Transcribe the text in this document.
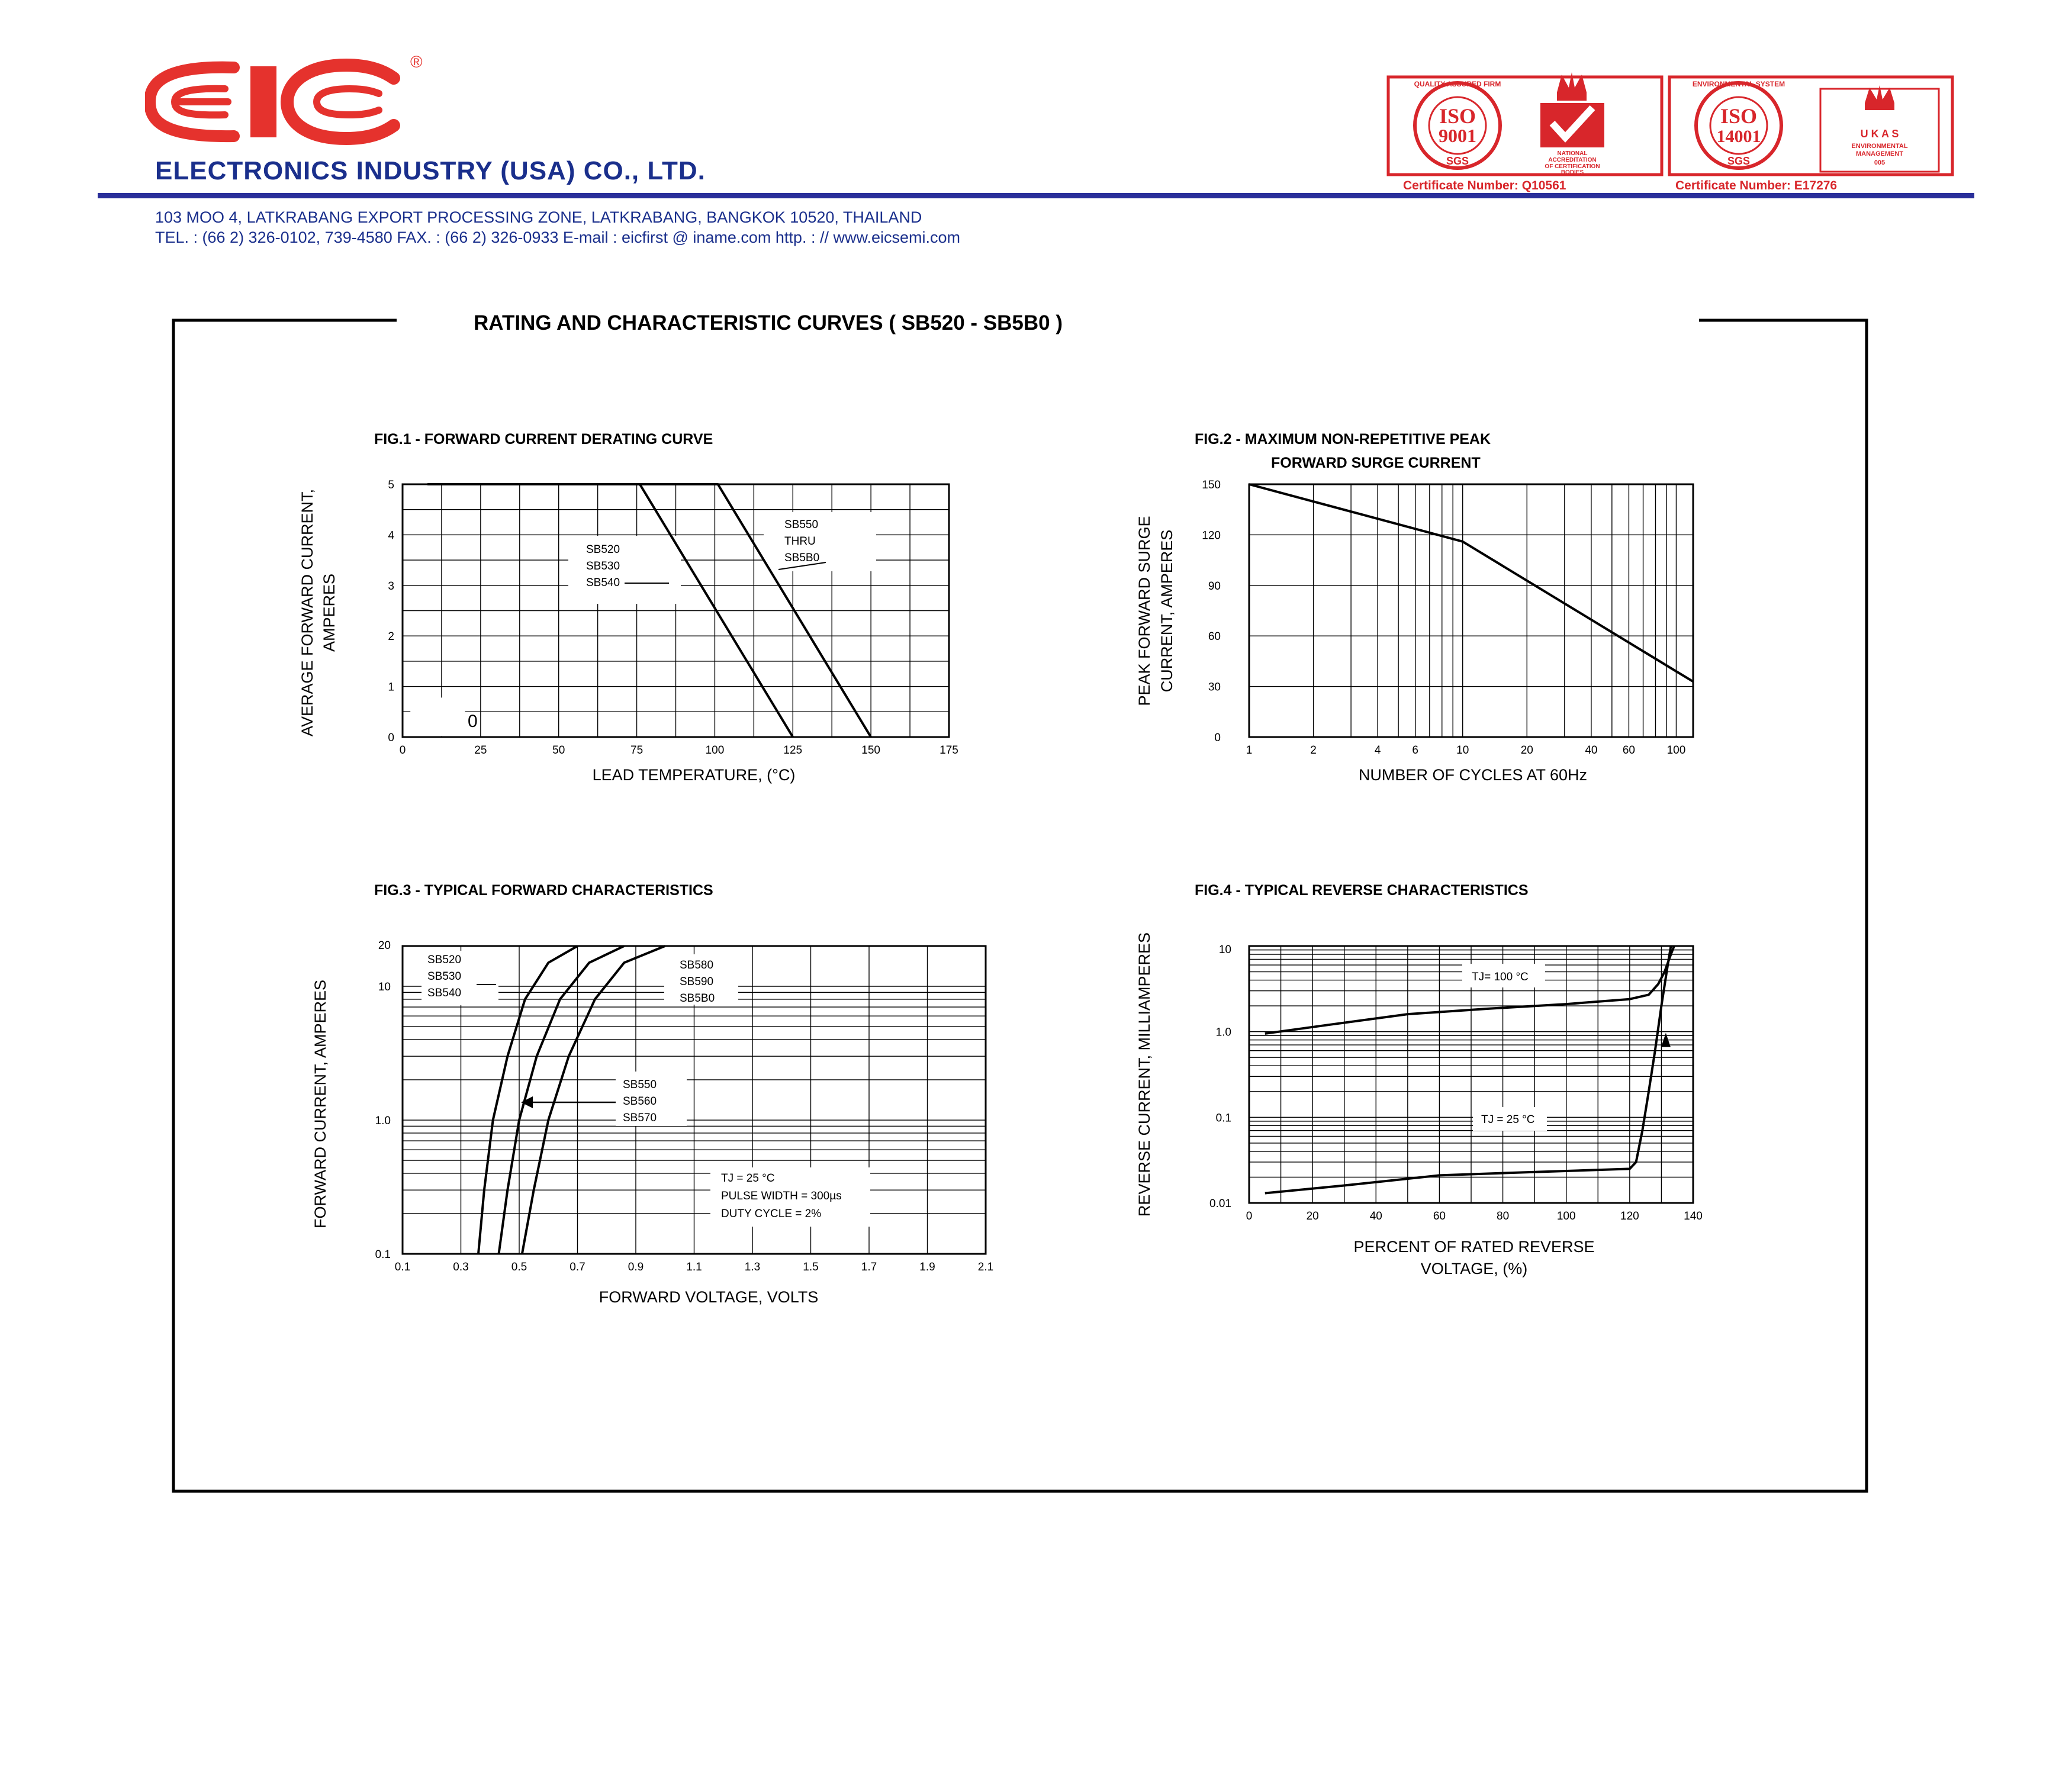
®
ELECTRONICS INDUSTRY (USA) CO., LTD.
103 MOO 4, LATKRABANG EXPORT PROCESSING ZONE, LATKRABANG, BANGKOK 10520, THAILAND
TEL. : (66 2) 326-0102, 739-4580 FAX. : (66 2) 326-0933 E-mail : eicfirst @ iname.com http. : // www.eicsemi.com
QUALITY ASSURED FIRM
ISO
9001
SGS
NATIONAL
ACCREDITATION
OF CERTIFICATION
BODIES
Certificate Number: Q10561
ENVIRONMENTAL SYSTEM
ISO
14001
SGS
U K A S
ENVIRONMENTAL
MANAGEMENT
005
Certificate Number: E17276
RATING AND CHARACTERISTIC CURVES ( SB520 - SB5B0 )
FIG.1 - FORWARD CURRENT DERATING CURVE	FIG.2 - MAXIMUM NON-REPETITIVE PEAK
FORWARD SURGE CURRENT
FIG.3 - TYPICAL FORWARD CHARACTERISTICS	FIG.4 - TYPICAL REVERSE CHARACTERISTICS
SB520
SB530
SB540
SB550
THRU
SB5B0
0
0	25	50	75	100	125	150	175
0
1
2
3
4
5
LEAD TEMPERATURE, (°C)
AVERAGE FORWARD CURRENT, AMPERES
1	2	4	6	10	20	40 60	100
0
30
60
90
120
150
NUMBER OF CYCLES AT 60Hz
PEAK FORWARD SURGE CURRENT, AMPERES
SB520
SB530
SB540
SB580
SB590
SB5B0
SB550
SB560
SB570
TJ = 25 °C
PULSE WIDTH = 300µs
DUTY CYCLE = 2%
0.1	0.3	0.5	0.7	0.9	1.1	1.3	1.5	1.7	1.9	2.1
0.1
1.0
10
20
FORWARD VOLTAGE, VOLTS
FORWARD CURRENT, AMPERES
TJ= 100 °C
TJ = 25 °C
0	20	40	60	80	100	120	140
0.01
0.1
1.0
10
PERCENT OF RATED REVERSE
VOLTAGE, (%)
REVERSE CURRENT, MILLIAMPERES
